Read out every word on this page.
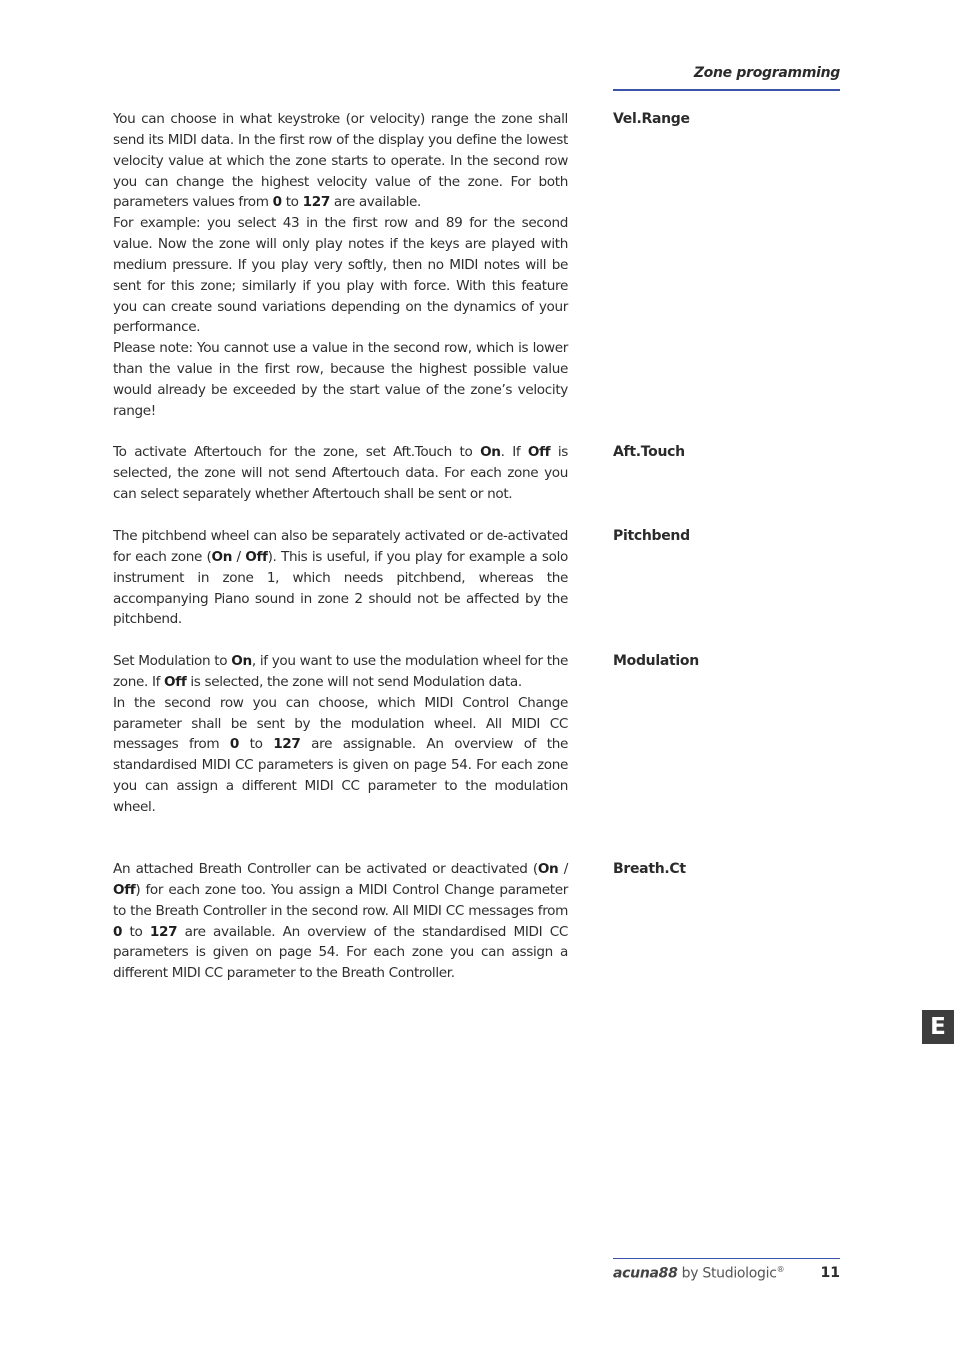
Zone programming

You can choose in what keystroke (or velocity) range the zone shall send its MIDI data. In the first row of the display you define the lowest velocity value at which the zone starts to operate. In the second row you can change the highest velocity value of the zone. For both parameters values from 0 to 127 are available.

For example: you select 43 in the first row and 89 for the second value. Now the zone will only play notes if the keys are played with medium pressure. If you play very softly, then no MIDI notes will be sent for this zone; similarly if you play with force. With this feature you can create sound variations depending on the dynamics of your performance.

Please note: You cannot use a value in the second row, which is lower than the value in the first row, because the highest possible value would already be exceeded by the start value of the zone’s velocity range!

Vel.Range

To activate Aftertouch for the zone, set Aft.Touch to On. If Off is selected, the zone will not send Aftertouch data. For each zone you can select separately whether Aftertouch shall be sent or not.

Aft.Touch

The pitchbend wheel can also be separately activated or de-activated for each zone (On / Off). This is useful, if you play for example a solo instrument in zone 1, which needs pitchbend, whereas the accompanying Piano sound in zone 2 should not be affected by the pitchbend.

Pitchbend

Set Modulation to On, if you want to use the modulation wheel for the zone. If Off is selected, the zone will not send Modulation data.

In the second row you can choose, which MIDI Control Change parameter shall be sent by the modulation wheel. All MIDI CC messages from 0 to 127 are assignable. An overview of the standardised MIDI CC parameters is given on page 54. For each zone you can assign a different MIDI CC parameter to the modulation wheel.

Modulation

An attached Breath Controller can be activated or deactivated (On / Off) for each zone too. You assign a MIDI Control Change parameter to the Breath Controller in the second row. All MIDI CC messages from 0 to 127 are available. An overview of the standardised MIDI CC parameters is given on page 54. For each zone you can assign a different MIDI CC parameter to the Breath Controller.

Breath.Ct
E
acuna88 by Studiologic®	11
